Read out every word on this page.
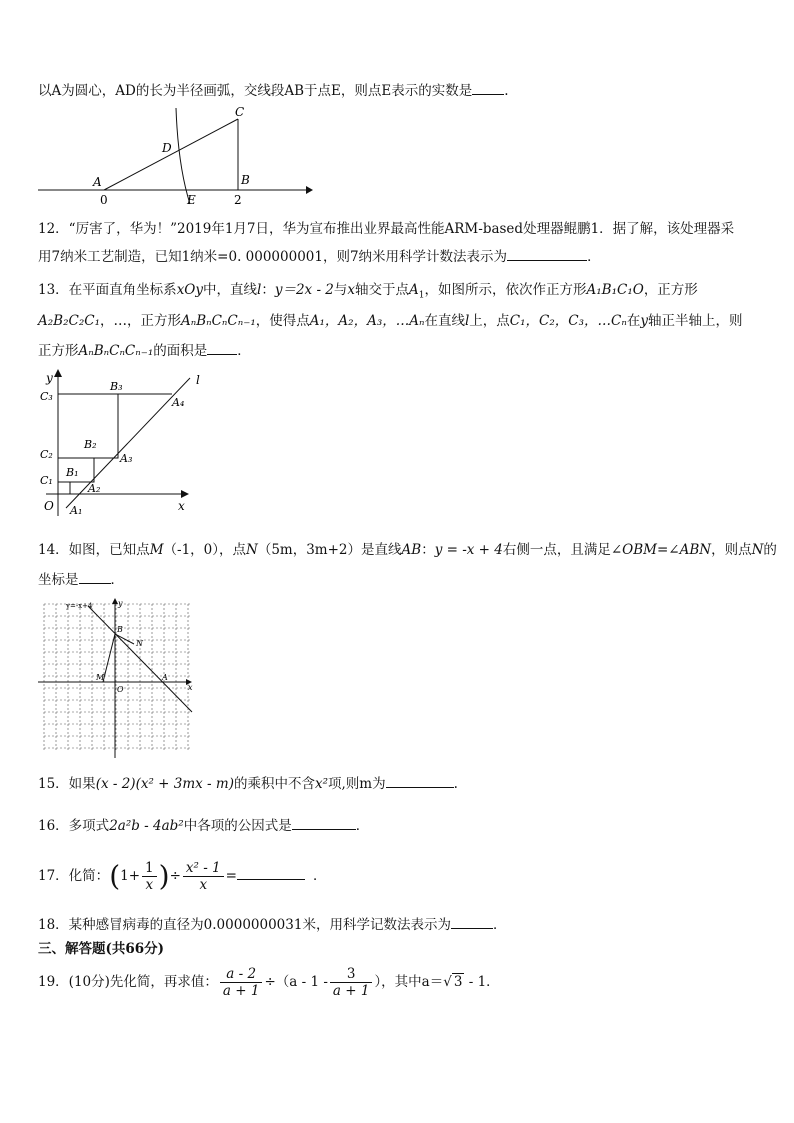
以A为圆心，AD的长为半径画弧，交线段AB于点E，则点E表示的实数是 .
C
D
A	B
E
0	2
12．“厉害了，华为！”2019年1月7日，华为宣布推出业界最高性能ARM-based处理器鲲鹏1．据了解，该处理器采
用7纳米工艺制造，已知1纳米=0. 000000001，则7纳米用科学计数法表示为	．
13．在平面直角坐标系xOy中，直线l：y＝2x - 2与x轴交于点$A_1$，如图所示，依次作正方形A₁B₁C₁O，正方形
A₂B₂C₂C₁，…，正方形AₙBₙCₙCₙ₋₁，使得点A₁，A₂，A₃，…Aₙ在直线l上，点C₁，C₂，C₃，…Cₙ在y轴正半轴上，则
正方形AₙBₙCₙCₙ₋₁的面积是 ．
y	l
x
O
C₃
C₂
C₁
B₃
B₂
B₁
A₄
A₃
A₂
A₁
14．如图，已知点M（-1，0），点N（5m，3m+2）是直线AB：y = -x + 4右侧一点，且满足∠OBM=∠ABN，则点N的
坐标是 ．
y=-x+4	y
x
B
N
M
O
A
15．如果(x - 2)(x² + 3mx - m)的乘积中不含x²项,则m为	.
16．多项式2a²b - 4ab²中各项的公因式是	．
17．化简：($1+ \frac{1}{x}$ )÷ $\frac{\text{x² - 1}}{x}$ =	．
18．某种感冒病毒的直径为0.0000000031米，用科学记数法表示为	．
三、解答题(共66分)
19．(10分)先化简，再求值： $\frac{a - 2}{a + 1} \div(a - 1 - \frac{3}{a + 1}$ ），其中a＝√ 3 - 1．
